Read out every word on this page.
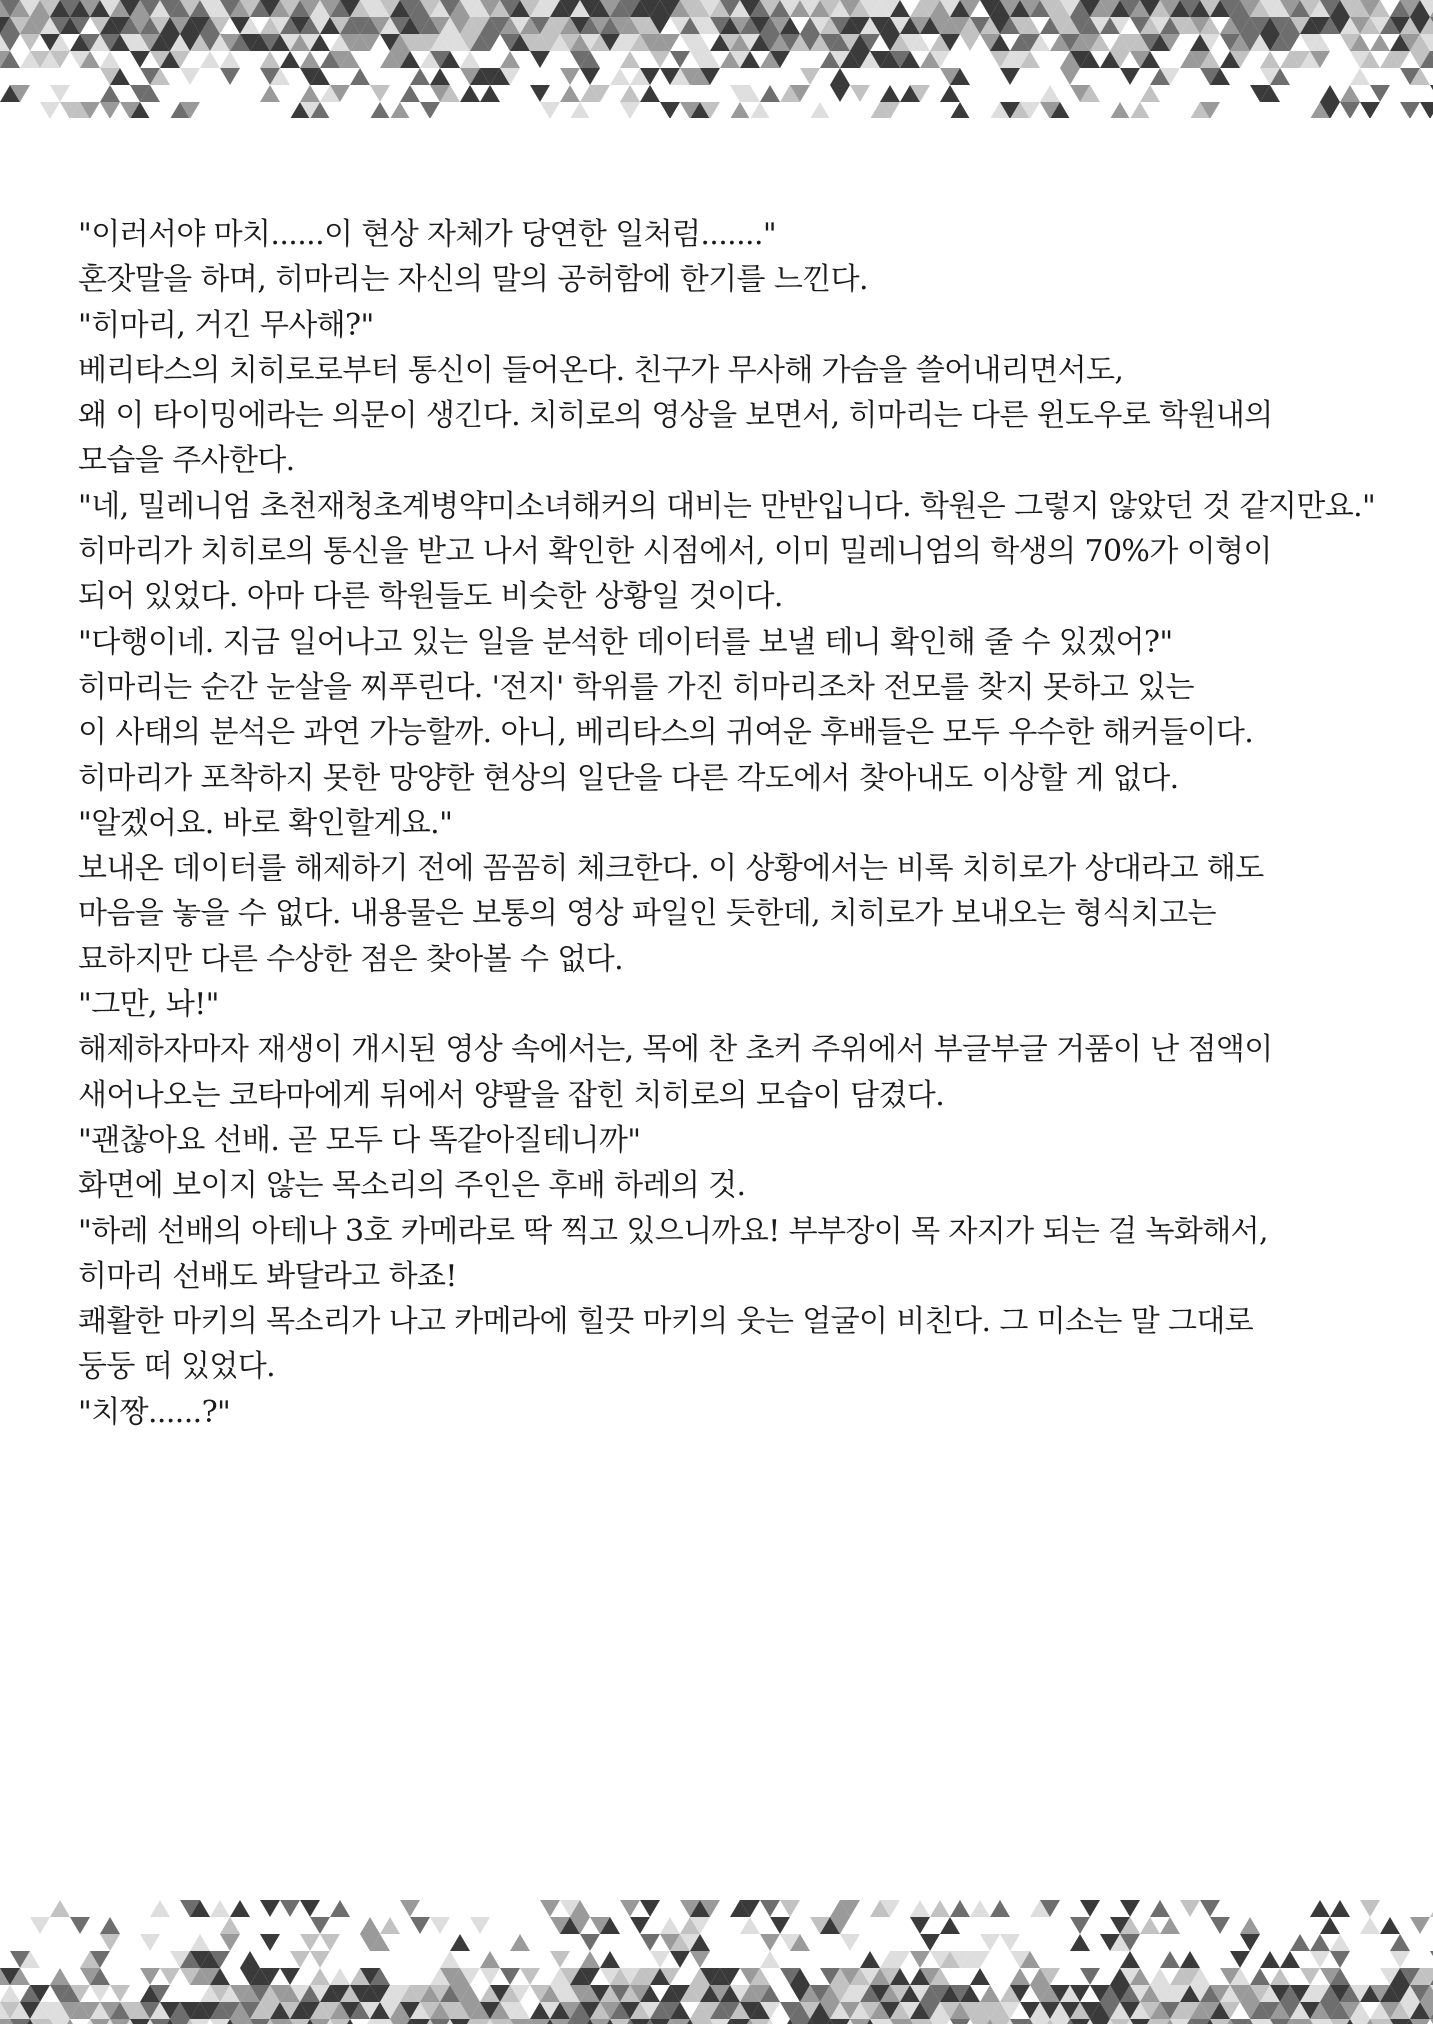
"이러서야 마치......이 현상 자체가 당연한 일처럼......."
혼잣말을 하며, 히마리는 자신의 말의 공허함에 한기를 느낀다.
"히마리, 거긴 무사해?"
베리타스의 치히로로부터 통신이 들어온다. 친구가 무사해 가슴을 쓸어내리면서도,
왜 이 타이밍에라는 의문이 생긴다. 치히로의 영상을 보면서, 히마리는 다른 윈도우로 학원내의
모습을 주사한다.
"네, 밀레니엄 초천재청초계병약미소녀해커의 대비는 만반입니다. 학원은 그렇지 않았던 것 같지만요."
히마리가 치히로의 통신을 받고 나서 확인한 시점에서, 이미 밀레니엄의 학생의 70%가 이형이
되어 있었다. 아마 다른 학원들도 비슷한 상황일 것이다.
"다행이네. 지금 일어나고 있는 일을 분석한 데이터를 보낼 테니 확인해 줄 수 있겠어?"
히마리는 순간 눈살을 찌푸린다. '전지' 학위를 가진 히마리조차 전모를 찾지 못하고 있는
이 사태의 분석은 과연 가능할까. 아니, 베리타스의 귀여운 후배들은 모두 우수한 해커들이다.
히마리가 포착하지 못한 망양한 현상의 일단을 다른 각도에서 찾아내도 이상할 게 없다.
"알겠어요. 바로 확인할게요."
보내온 데이터를 해제하기 전에 꼼꼼히 체크한다. 이 상황에서는 비록 치히로가 상대라고 해도
마음을 놓을 수 없다. 내용물은 보통의 영상 파일인 듯한데, 치히로가 보내오는 형식치고는
묘하지만 다른 수상한 점은 찾아볼 수 없다.
"그만, 놔!"
해제하자마자 재생이 개시된 영상 속에서는, 목에 찬 초커 주위에서 부글부글 거품이 난 점액이
새어나오는 코타마에게 뒤에서 양팔을 잡힌 치히로의 모습이 담겼다.
"괜찮아요 선배. 곧 모두 다 똑같아질테니까"
화면에 보이지 않는 목소리의 주인은 후배 하레의 것.
"하레 선배의 아테나 3호 카메라로 딱 찍고 있으니까요! 부부장이 목 자지가 되는 걸 녹화해서,
히마리 선배도 봐달라고 하죠!
쾌활한 마키의 목소리가 나고 카메라에 힐끗 마키의 웃는 얼굴이 비친다. 그 미소는 말 그대로
둥둥 떠 있었다.
"치짱......?"
